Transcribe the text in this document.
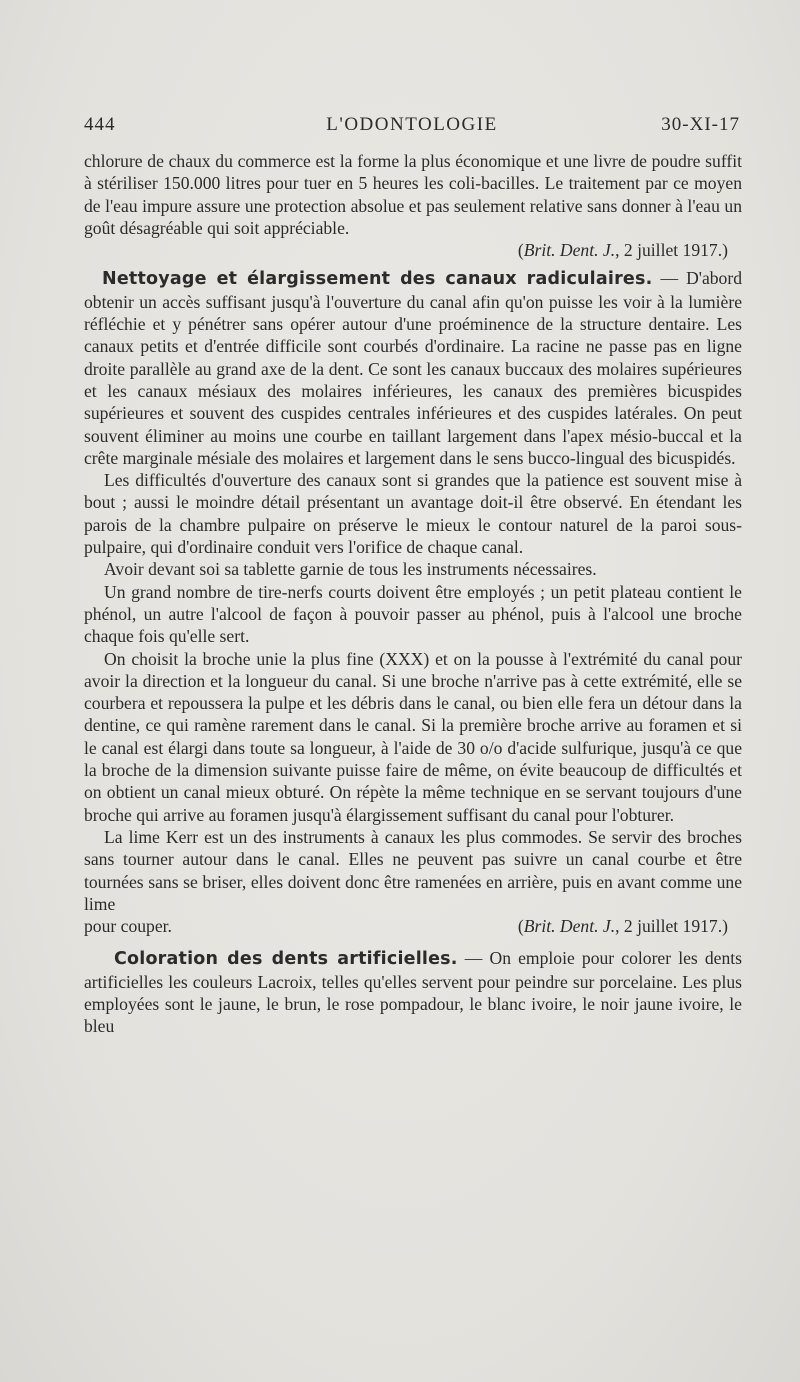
444	L'ODONTOLOGIE	30-XI-17

chlorure de chaux du commerce est la forme la plus économique et une livre de poudre suffit à stériliser 150.000 litres pour tuer en 5 heures les coli-bacilles. Le traitement par ce moyen de l'eau impure assure une protection absolue et pas seulement relative sans donner à l'eau un goût désagréable qui soit appréciable.

(Brit. Dent. J., 2 juillet 1917.)

Nettoyage et élargissement des canaux radiculaires. — D'abord obtenir un accès suffisant jusqu'à l'ouverture du canal afin qu'on puisse les voir à la lumière réfléchie et y pénétrer sans opérer autour d'une proéminence de la structure dentaire. Les canaux petits et d'entrée difficile sont courbés d'ordinaire. La racine ne passe pas en ligne droite parallèle au grand axe de la dent. Ce sont les canaux buccaux des molaires supérieures et les canaux mésiaux des molaires inférieures, les canaux des premières bicuspides supérieures et souvent des cuspides centrales inférieures et des cuspides latérales. On peut souvent éliminer au moins une courbe en taillant largement dans l'apex mésio-buccal et la crête marginale mésiale des molaires et largement dans le sens bucco-lingual des bicuspidés.

Les difficultés d'ouverture des canaux sont si grandes que la patience est souvent mise à bout ; aussi le moindre détail présentant un avantage doit-il être observé. En étendant les parois de la chambre pulpaire on préserve le mieux le contour naturel de la paroi sous-pulpaire, qui d'ordinaire conduit vers l'orifice de chaque canal.

Avoir devant soi sa tablette garnie de tous les instruments nécessaires.

Un grand nombre de tire-nerfs courts doivent être employés ; un petit plateau contient le phénol, un autre l'alcool de façon à pouvoir passer au phénol, puis à l'alcool une broche chaque fois qu'elle sert.

On choisit la broche unie la plus fine (XXX) et on la pousse à l'extrémité du canal pour avoir la direction et la longueur du canal. Si une broche n'arrive pas à cette extrémité, elle se courbera et repoussera la pulpe et les débris dans le canal, ou bien elle fera un détour dans la dentine, ce qui ramène rarement dans le canal. Si la première broche arrive au foramen et si le canal est élargi dans toute sa longueur, à l'aide de 30 o/o d'acide sulfurique, jusqu'à ce que la broche de la dimension suivante puisse faire de même, on évite beaucoup de difficultés et on obtient un canal mieux obturé. On répète la même technique en se servant toujours d'une broche qui arrive au foramen jusqu'à élargissement suffisant du canal pour l'obturer.

La lime Kerr est un des instruments à canaux les plus commodes. Se servir des broches sans tourner autour dans le canal. Elles ne peuvent pas suivre un canal courbe et être tournées sans se briser, elles doivent donc être ramenées en arrière, puis en avant comme une lime

pour couper.	(Brit. Dent. J., 2 juillet 1917.)

Coloration des dents artificielles. — On emploie pour colorer les dents artificielles les couleurs Lacroix, telles qu'elles servent pour peindre sur porcelaine. Les plus employées sont le jaune, le brun, le rose pompadour, le blanc ivoire, le noir jaune ivoire, le bleu
